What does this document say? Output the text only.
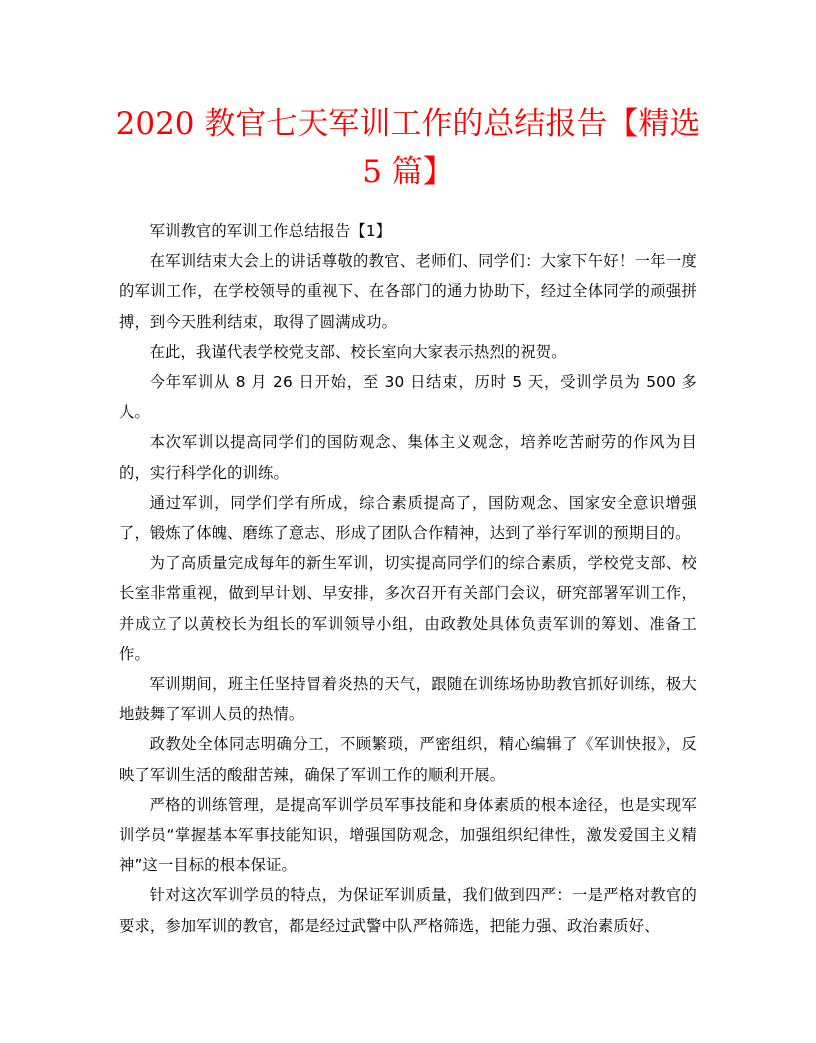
2020 教官七天军训工作的总结报告【精选
5 篇】

军训教官的军训工作总结报告【1】

在军训结束大会上的讲话尊敬的教官、老师们、同学们：大家下午好！一年一度的军训工作，在学校领导的重视下、在各部门的通力协助下，经过全体同学的顽强拼搏，到今天胜利结束，取得了圆满成功。

在此，我谨代表学校党支部、校长室向大家表示热烈的祝贺。

今年军训从 8 月 26 日开始，至 30 日结束，历时 5 天，受训学员为 500 多人。

本次军训以提高同学们的国防观念、集体主义观念，培养吃苦耐劳的作风为目的，实行科学化的训练。

通过军训，同学们学有所成，综合素质提高了，国防观念、国家安全意识增强了，锻炼了体魄、磨练了意志、形成了团队合作精神，达到了举行军训的预期目的。

为了高质量完成每年的新生军训，切实提高同学们的综合素质，学校党支部、校长室非常重视，做到早计划、早安排，多次召开有关部门会议，研究部署军训工作，并成立了以黄校长为组长的军训领导小组，由政教处具体负责军训的筹划、准备工作。

军训期间，班主任坚持冒着炎热的天气，跟随在训练场协助教官抓好训练，极大地鼓舞了军训人员的热情。

政教处全体同志明确分工，不顾繁琐，严密组织，精心编辑了《军训快报》，反映了军训生活的酸甜苦辣，确保了军训工作的顺利开展。

严格的训练管理，是提高军训学员军事技能和身体素质的根本途径，也是实现军训学员“掌握基本军事技能知识，增强国防观念，加强组织纪律性，激发爱国主义精神”这一目标的根本保证。

针对这次军训学员的特点，为保证军训质量，我们做到四严：一是严格对教官的要求，参加军训的教官，都是经过武警中队严格筛选，把能力强、政治素质好、
